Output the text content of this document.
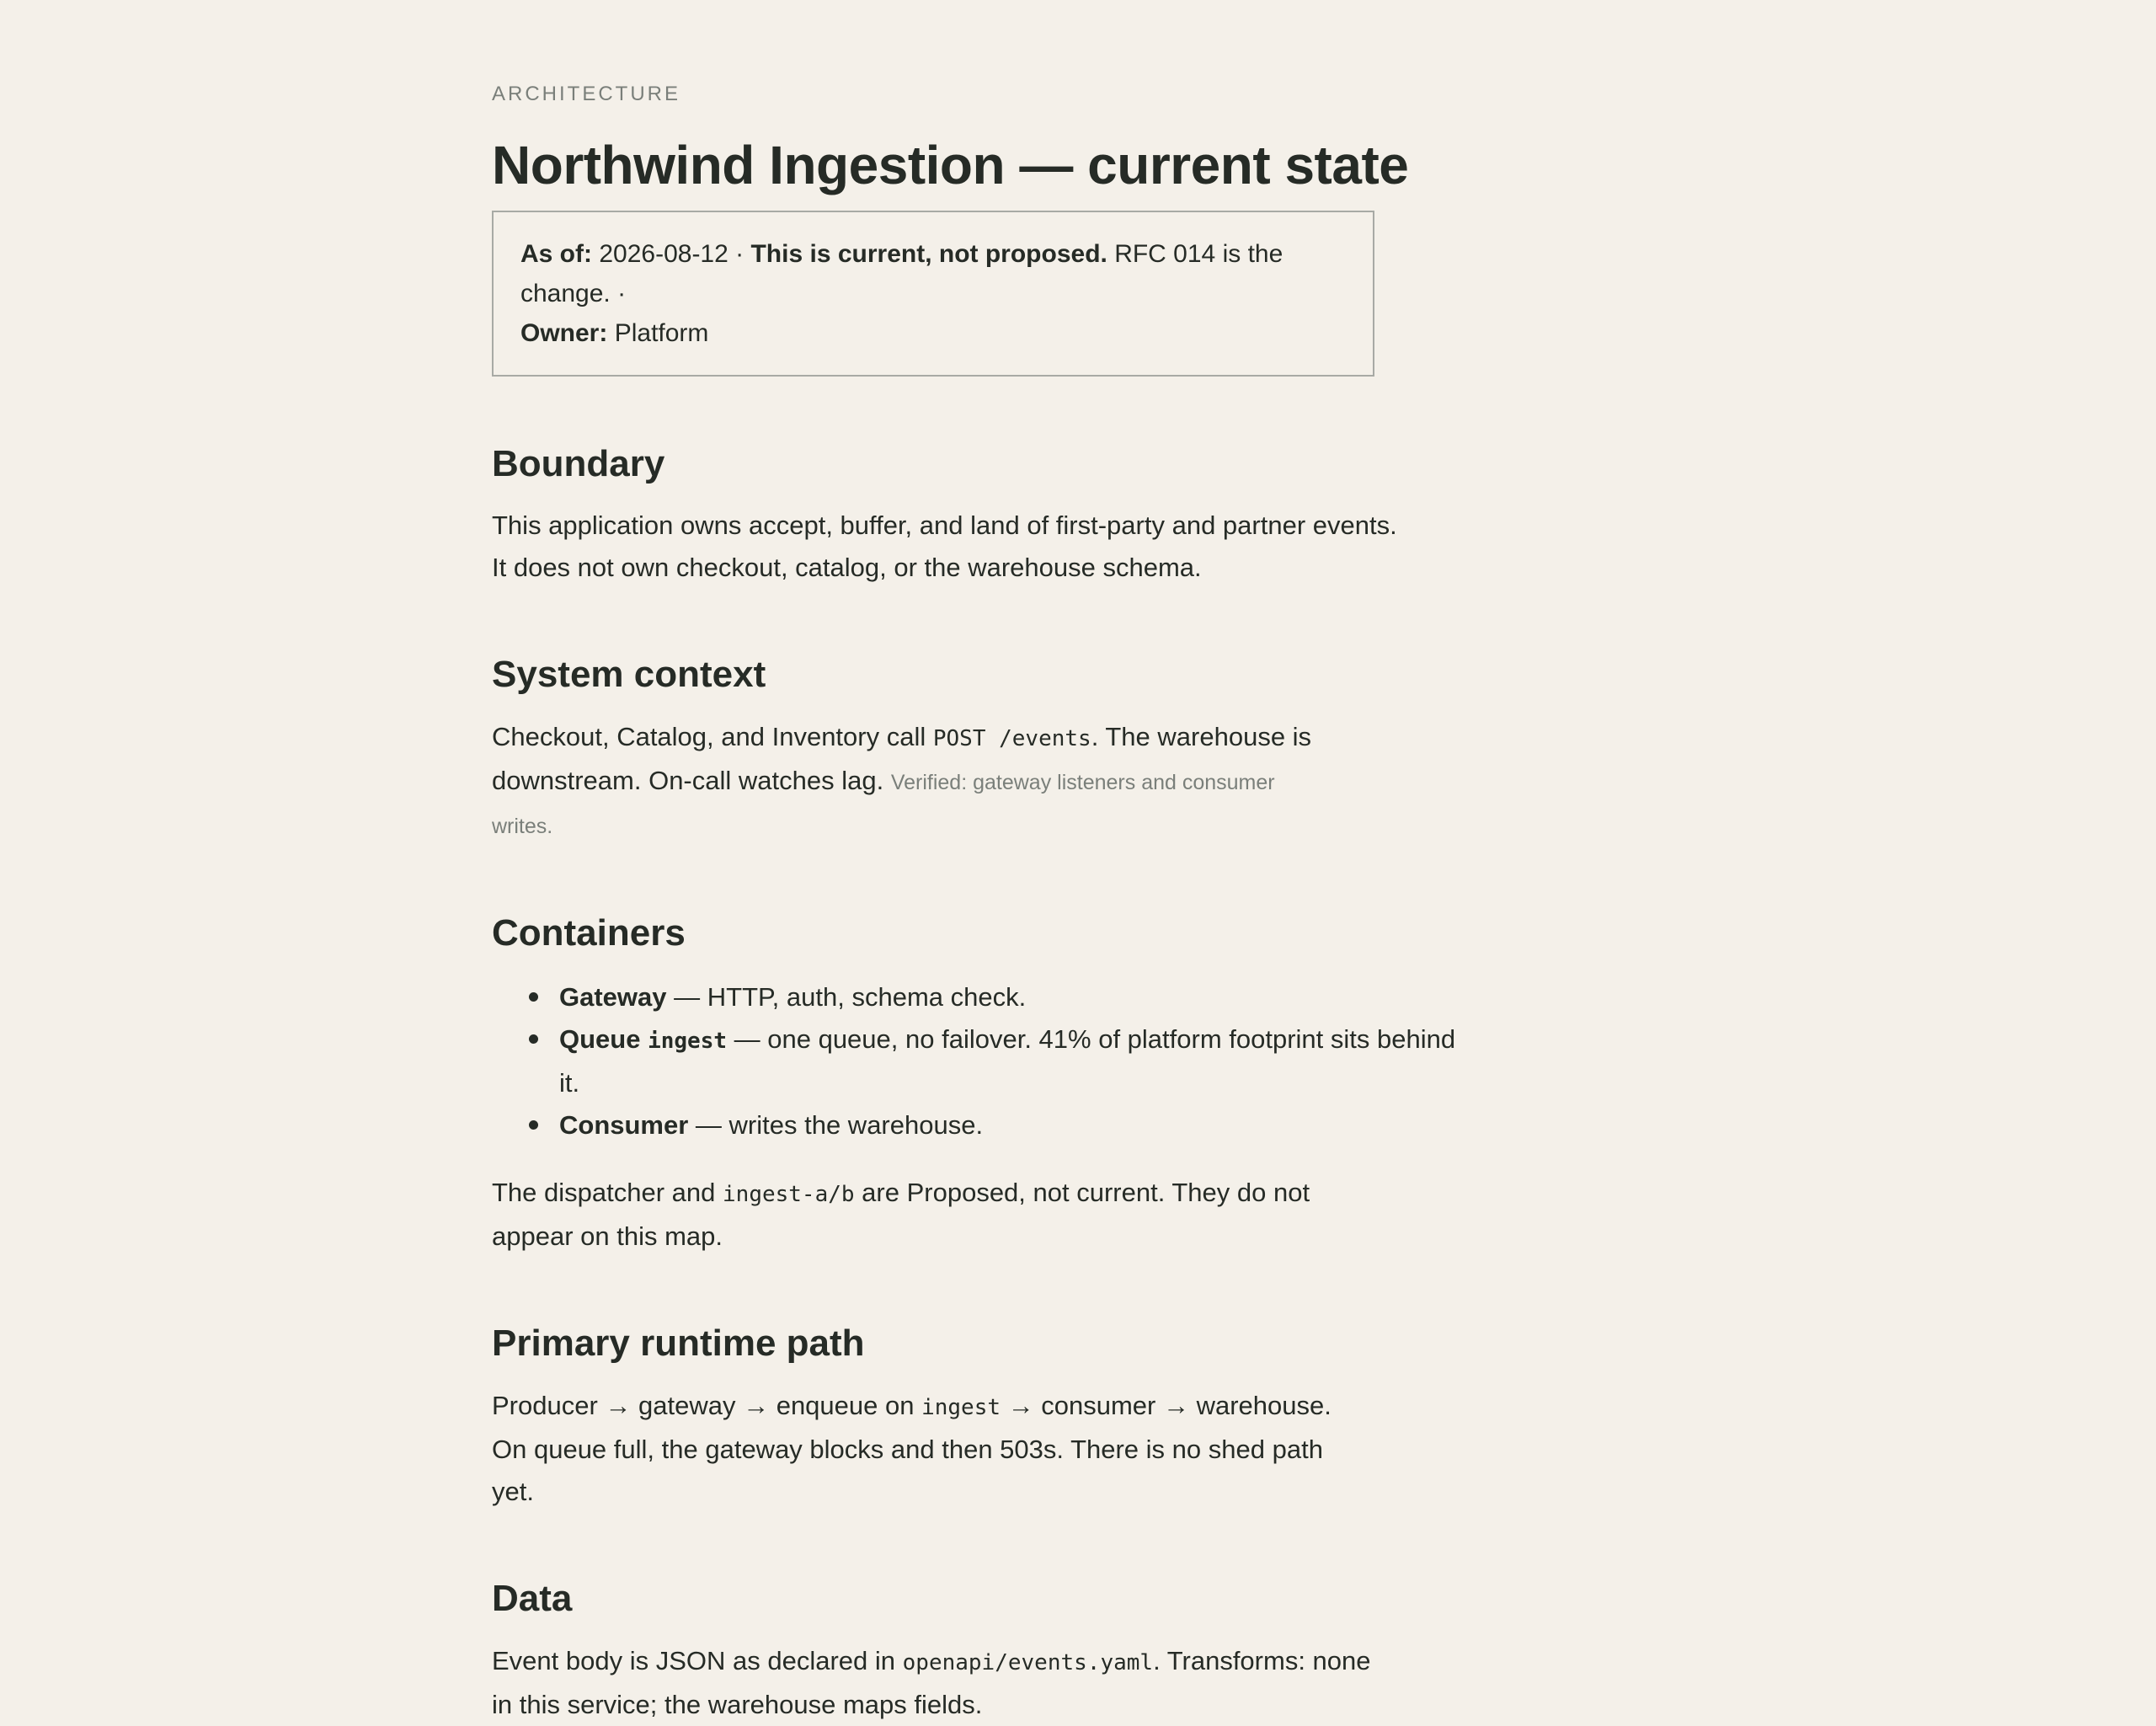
ARCHITECTURE
Northwind Ingestion — current state
As of: 2026-08-12 · This is current, not proposed. RFC 014 is the change. ·
Owner: Platform
Boundary

This application owns accept, buffer, and land of first-party and partner events. It does not own checkout, catalog, or the warehouse schema.

System context

Checkout, Catalog, and Inventory call POST /events. The warehouse is downstream. On-call watches lag. Verified: gateway listeners and consumer writes.

Containers
Gateway — HTTP, auth, schema check.
Queue ingest — one queue, no failover. 41% of platform footprint sits behind it.
Consumer — writes the warehouse.

The dispatcher and ingest-a/b are Proposed, not current. They do not appear on this map.

Primary runtime path

Producer → gateway → enqueue on ingest → consumer → warehouse. On queue full, the gateway blocks and then 503s. There is no shed path yet.

Data

Event body is JSON as declared in openapi/events.yaml. Transforms: none in this service; the warehouse maps fields.
